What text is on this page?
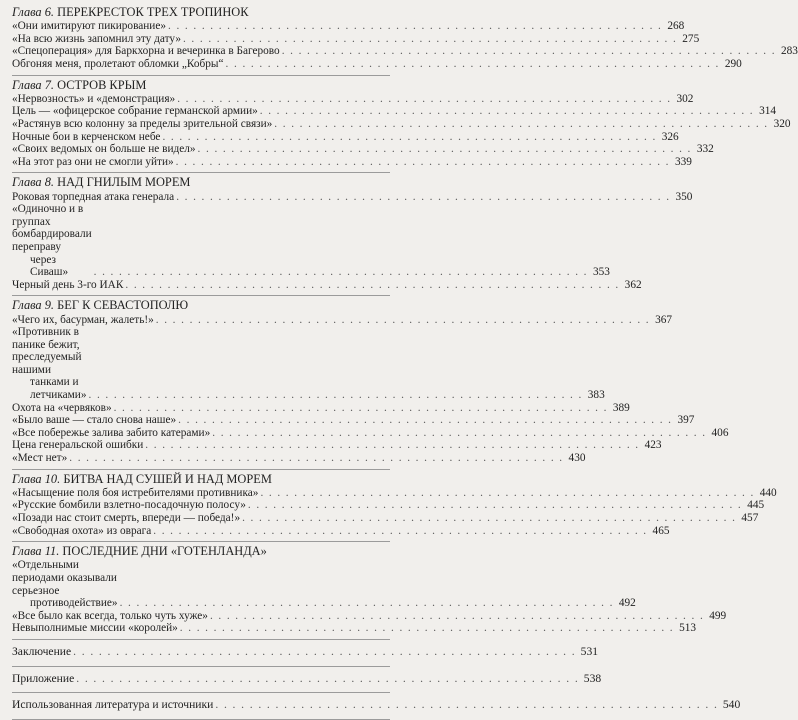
Глава 6. ПЕРЕКРЕСТОК ТРЕХ ТРОПИНОК
«Они имитируют пикирование» . . . . . . . . . . . . . . . . . . . . . . . . . . . . . . . . . . . . . . . . . . . . . . . . . . . . . . . . . . . 268
«На всю жизнь запомнил эту дату» . . . . . . . . . . . . . . . . . . . . . . . . . . . . . . . . . . . . . . . . . . . . . . . . . . . . . . . . . . . 275
«Спецоперация» для Баркхорна и вечеринка в Багерово . . . . . . . . . . . . . . . . . . . . . . . . . . . . . . . . . . . . . . . . . . . . . . . . . . . . . . . . . . . 283
Обгоняя меня, пролетают обломки „Кобры“ . . . . . . . . . . . . . . . . . . . . . . . . . . . . . . . . . . . . . . . . . . . . . . . . . . . . . . . . . . . 290
Глава 7. ОСТРОВ КРЫМ
«Нервозность» и «демонстрация» . . . . . . . . . . . . . . . . . . . . . . . . . . . . . . . . . . . . . . . . . . . . . . . . . . . . . . . . . . . 302
Цель — «офицерское собрание германской армии» . . . . . . . . . . . . . . . . . . . . . . . . . . . . . . . . . . . . . . . . . . . . . . . . . . . . . . . . . . . 314
«Растянув всю колонну за пределы зрительной связи» . . . . . . . . . . . . . . . . . . . . . . . . . . . . . . . . . . . . . . . . . . . . . . . . . . . . . . . . . . . 320
Ночные бои в керченском небе . . . . . . . . . . . . . . . . . . . . . . . . . . . . . . . . . . . . . . . . . . . . . . . . . . . . . . . . . . . 326
«Своих ведомых он больше не видел» . . . . . . . . . . . . . . . . . . . . . . . . . . . . . . . . . . . . . . . . . . . . . . . . . . . . . . . . . . . 332
«На этот раз они не смогли уйти» . . . . . . . . . . . . . . . . . . . . . . . . . . . . . . . . . . . . . . . . . . . . . . . . . . . . . . . . . . . 339
Глава 8. НАД ГНИЛЫМ МОРЕМ
Роковая торпедная атака генерала . . . . . . . . . . . . . . . . . . . . . . . . . . . . . . . . . . . . . . . . . . . . . . . . . . . . . . . . . . . 350
«Одиночно и в группах бомбардировали переправу
через Сиваш»	. . . . . . . . . . . . . . . . . . . . . . . . . . . . . . . . . . . . . . . . . . . . . . . . . . . . . . . . . . . 353
Черный день 3-го ИАК . . . . . . . . . . . . . . . . . . . . . . . . . . . . . . . . . . . . . . . . . . . . . . . . . . . . . . . . . . . 362
Глава 9. БЕГ К СЕВАСТОПОЛЮ
«Чего их, басурман, жалеть!» . . . . . . . . . . . . . . . . . . . . . . . . . . . . . . . . . . . . . . . . . . . . . . . . . . . . . . . . . . . 367
«Противник в панике бежит, преследуемый нашими
танками и летчиками» . . . . . . . . . . . . . . . . . . . . . . . . . . . . . . . . . . . . . . . . . . . . . . . . . . . . . . . . . . . 383
Охота на «червяков» . . . . . . . . . . . . . . . . . . . . . . . . . . . . . . . . . . . . . . . . . . . . . . . . . . . . . . . . . . . 389
«Было ваше — стало снова наше» . . . . . . . . . . . . . . . . . . . . . . . . . . . . . . . . . . . . . . . . . . . . . . . . . . . . . . . . . . . 397
«Все побережье залива забито катерами» . . . . . . . . . . . . . . . . . . . . . . . . . . . . . . . . . . . . . . . . . . . . . . . . . . . . . . . . . . . 406
Цена генеральской ошибки . . . . . . . . . . . . . . . . . . . . . . . . . . . . . . . . . . . . . . . . . . . . . . . . . . . . . . . . . . . 423
«Мест нет» . . . . . . . . . . . . . . . . . . . . . . . . . . . . . . . . . . . . . . . . . . . . . . . . . . . . . . . . . . . 430
Глава 10. БИТВА НАД СУШЕЙ И НАД МОРЕМ
«Насыщение поля боя истребителями противника» . . . . . . . . . . . . . . . . . . . . . . . . . . . . . . . . . . . . . . . . . . . . . . . . . . . . . . . . . . . 440
«Русские бомбили взлетно-посадочную полосу» . . . . . . . . . . . . . . . . . . . . . . . . . . . . . . . . . . . . . . . . . . . . . . . . . . . . . . . . . . . 445
«Позади нас стоит смерть, впереди — победа!» . . . . . . . . . . . . . . . . . . . . . . . . . . . . . . . . . . . . . . . . . . . . . . . . . . . . . . . . . . . 457
«Свободная охота» из оврага . . . . . . . . . . . . . . . . . . . . . . . . . . . . . . . . . . . . . . . . . . . . . . . . . . . . . . . . . . . 465
Глава 11. ПОСЛЕДНИЕ ДНИ «ГОТЕНЛАНДА»
«Отдельными периодами оказывали серьезное
противодействие» . . . . . . . . . . . . . . . . . . . . . . . . . . . . . . . . . . . . . . . . . . . . . . . . . . . . . . . . . . . 492
«Все было как всегда, только чуть хуже» . . . . . . . . . . . . . . . . . . . . . . . . . . . . . . . . . . . . . . . . . . . . . . . . . . . . . . . . . . . 499
Невыполнимые миссии «королей» . . . . . . . . . . . . . . . . . . . . . . . . . . . . . . . . . . . . . . . . . . . . . . . . . . . . . . . . . . . 513
Заключение . . . . . . . . . . . . . . . . . . . . . . . . . . . . . . . . . . . . . . . . . . . . . . . . . . . . . . . . . . . 531
Приложение . . . . . . . . . . . . . . . . . . . . . . . . . . . . . . . . . . . . . . . . . . . . . . . . . . . . . . . . . . . 538
Использованная литература и источники . . . . . . . . . . . . . . . . . . . . . . . . . . . . . . . . . . . . . . . . . . . . . . . . . . . . . . . . . . . 540
